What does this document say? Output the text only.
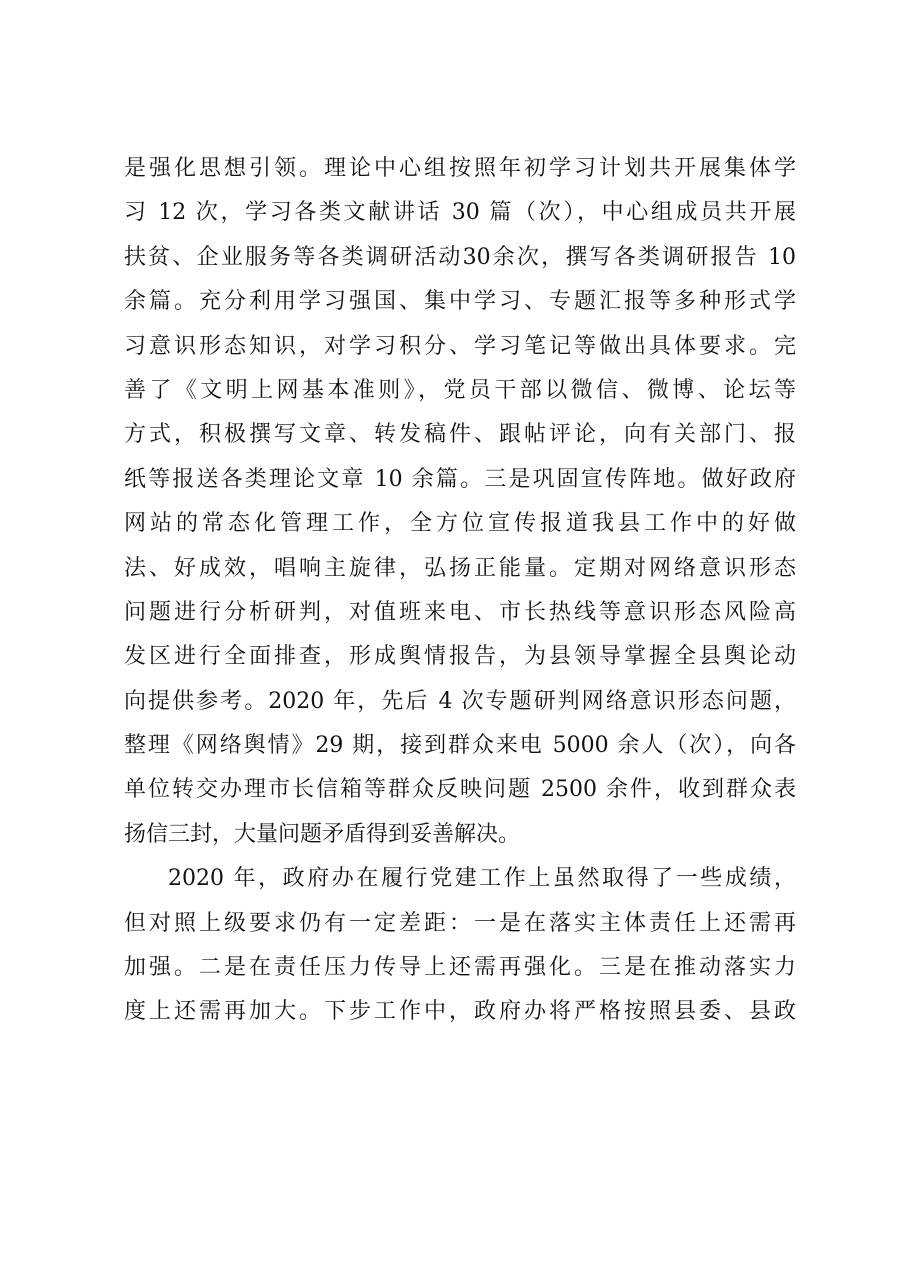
是强化思想引领。理论中心组按照年初学习计划共开展集体学
习 12 次，学习各类文献讲话 30 篇（次），中心组成员共开展
扶贫、企业服务等各类调研活动30余次，撰写各类调研报告 10
余篇。充分利用学习强国、集中学习、专题汇报等多种形式学
习意识形态知识，对学习积分、学习笔记等做出具体要求。完
善了《文明上网基本准则》，党员干部以微信、微博、论坛等
方式，积极撰写文章、转发稿件、跟帖评论，向有关部门、报
纸等报送各类理论文章 10 余篇。三是巩固宣传阵地。做好政府
网站的常态化管理工作，全方位宣传报道我县工作中的好做
法、好成效，唱响主旋律，弘扬正能量。定期对网络意识形态
问题进行分析研判，对值班来电、市长热线等意识形态风险高
发区进行全面排查，形成舆情报告，为县领导掌握全县舆论动
向提供参考。2020 年，先后 4 次专题研判网络意识形态问题，
整理《网络舆情》29 期，接到群众来电 5000 余人（次），向各
单位转交办理市长信箱等群众反映问题 2500 余件，收到群众表
扬信三封，大量问题矛盾得到妥善解决。
2020 年，政府办在履行党建工作上虽然取得了一些成绩，
但对照上级要求仍有一定差距：一是在落实主体责任上还需再
加强。二是在责任压力传导上还需再强化。三是在推动落实力
度上还需再加大。下步工作中，政府办将严格按照县委、县政
